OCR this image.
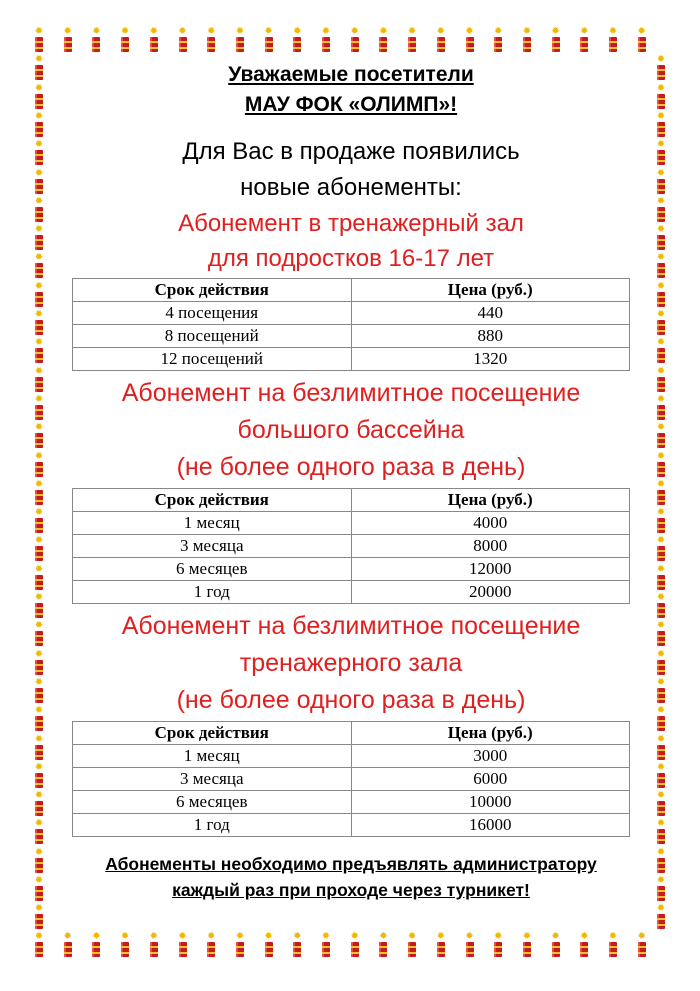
✹
✹
✹
✹
✹
✹
✹
✹
✹
✹
✹
✹
✹
✹
✹
✹
✹
✹
✹
✹
✹
✹
✹
✹
✹
✹
✹
✹
✹
✹
✹
✹
✹
✹
✹
✹
✹
✹
✹
✹
✹
✹
✹
✹
✹	✹
✹	✹
✹	✹
✹	✹
✹	✹
✹	✹
✹	✹
✹	✹
✹	✹
✹	✹
✹	✹
✹	✹
✹	✹
✹	✹
✹	✹
✹	✹
✹	✹
✹	✹
✹	✹
✹	✹
✹	✹
✹	✹
✹	✹
✹	✹
✹	✹
✹	✹
✹	✹
✹	✹
✹	✹
✹	✹
✹	✹
Уважаемые посетители
МАУ ФОК «ОЛИМП»!
Для Вас в продаже появились
новые абонементы:
Абонемент в тренажерный зал
для подростков 16-17 лет
Срок действия	Цена (руб.)
4 посещения	440
8 посещений	880
12 посещений	1320
Абонемент на безлимитное посещение
большого бассейна
(не более одного раза в день)
Срок действия	Цена (руб.)
1 месяц	4000
3 месяца	8000
6 месяцев	12000
1 год	20000
Абонемент на безлимитное посещение
тренажерного зала
(не более одного раза в день)
Срок действия	Цена (руб.)
1 месяц	3000
3 месяца	6000
6 месяцев	10000
1 год	16000
Абонементы необходимо предъявлять администратору
каждый раз при проходе через турникет!
